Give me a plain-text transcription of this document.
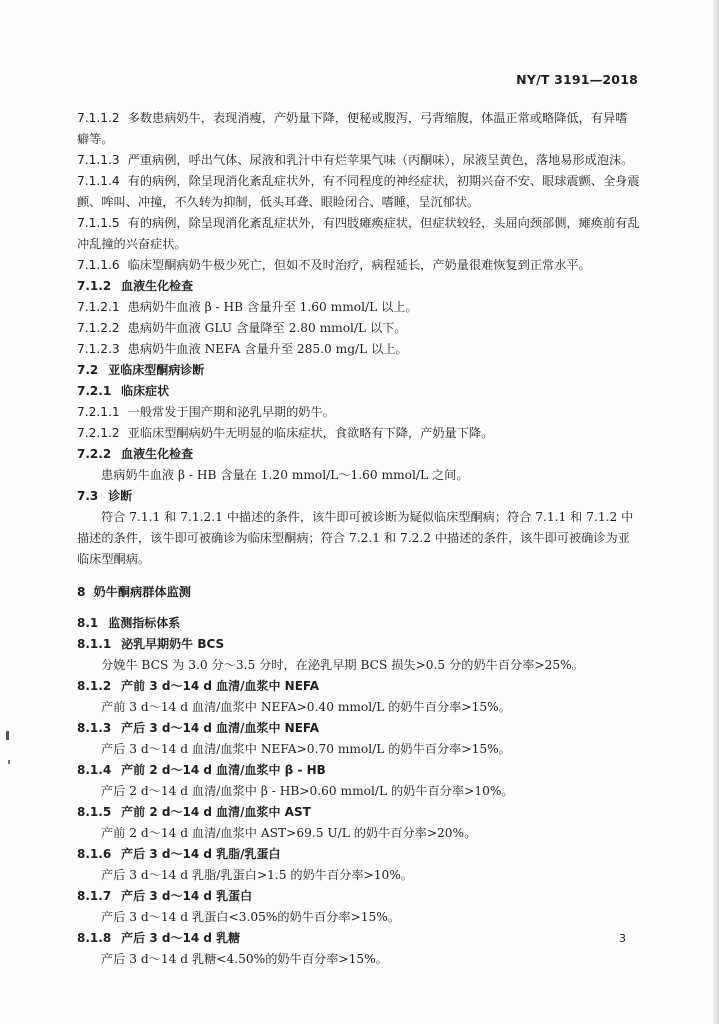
NY/T 3191—2018

7.1.1.2 多数患病奶牛，表现消瘦，产奶量下降，便秘或腹泻，弓背缩腹，体温正常或略降低，有异嗜

癖等。

7.1.1.3 严重病例，呼出气体、尿液和乳汁中有烂苹果气味（丙酮味），尿液呈黄色，落地易形成泡沫。

7.1.1.4 有的病例，除呈现消化紊乱症状外，有不同程度的神经症状，初期兴奋不安、眼球震颤、全身震

颤、哞叫、冲撞，不久转为抑制，低头耳聋、眼睑闭合、嗜睡，呈沉郁状。

7.1.1.5 有的病例，除呈现消化紊乱症状外，有四肢瘫痪症状，但症状较轻，头屈向颈部侧，瘫痪前有乱

冲乱撞的兴奋症状。

7.1.1.6 临床型酮病奶牛极少死亡，但如不及时治疗，病程延长，产奶量很难恢复到正常水平。

7.1.2 血液生化检查

7.1.2.1 患病奶牛血液 β - HB 含量升至 1.60 mmol/L 以上。

7.1.2.2 患病奶牛血液 GLU 含量降至 2.80 mmol/L 以下。

7.1.2.3 患病奶牛血液 NEFA 含量升至 285.0 mg/L 以上。

7.2 亚临床型酮病诊断

7.2.1 临床症状

7.2.1.1 一般常发于围产期和泌乳早期的奶牛。

7.2.1.2 亚临床型酮病奶牛无明显的临床症状，食欲略有下降，产奶量下降。

7.2.2 血液生化检查

患病奶牛血液 β - HB 含量在 1.20 mmol/L～1.60 mmol/L 之间。

7.3 诊断

符合 7.1.1 和 7.1.2.1 中描述的条件，该牛即可被诊断为疑似临床型酮病；符合 7.1.1 和 7.1.2 中

描述的条件，该牛即可被确诊为临床型酮病；符合 7.2.1 和 7.2.2 中描述的条件，该牛即可被确诊为亚

临床型酮病。

8 奶牛酮病群体监测

8.1 监测指标体系

8.1.1 泌乳早期奶牛 BCS

分娩牛 BCS 为 3.0 分～3.5 分时，在泌乳早期 BCS 损失>0.5 分的奶牛百分率>25%。

8.1.2 产前 3 d～14 d 血清/血浆中 NEFA

产前 3 d～14 d 血清/血浆中 NEFA>0.40 mmol/L 的奶牛百分率>15%。

8.1.3 产后 3 d～14 d 血清/血浆中 NEFA

产后 3 d～14 d 血清/血浆中 NEFA>0.70 mmol/L 的奶牛百分率>15%。

8.1.4 产前 2 d～14 d 血清/血浆中 β - HB

产后 2 d～14 d 血清/血浆中 β - HB>0.60 mmol/L 的奶牛百分率>10%。

8.1.5 产前 2 d～14 d 血清/血浆中 AST

产前 2 d～14 d 血清/血浆中 AST>69.5 U/L 的奶牛百分率>20%。

8.1.6 产后 3 d～14 d 乳脂/乳蛋白

产后 3 d～14 d 乳脂/乳蛋白>1.5 的奶牛百分率>10%。

8.1.7 产后 3 d～14 d 乳蛋白

产后 3 d～14 d 乳蛋白<3.05%的奶牛百分率>15%。

8.1.8 产后 3 d～14 d 乳糖

产后 3 d～14 d 乳糖<4.50%的奶牛百分率>15%。

3
